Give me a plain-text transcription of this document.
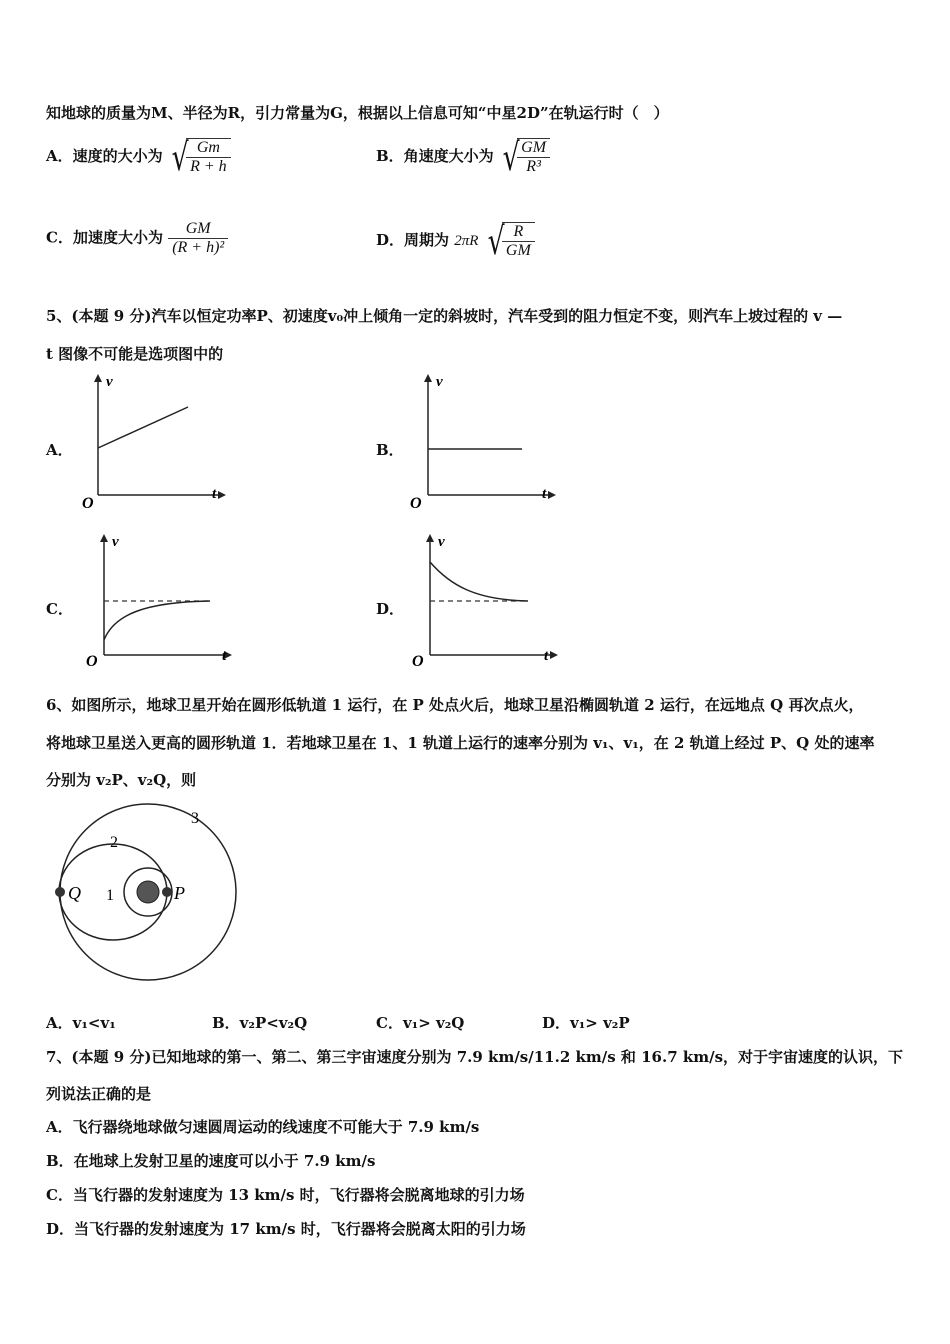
知地球的质量为M、半径为R，引力常量为G，根据以上信息可知“中星2D”在轨运行时（　）
A．速度的大小为 √
$\frac{Gm}{R + h}$	B．角速度大小为 √
$\frac{GM}{\text{R³}}$
C．加速度大小为 $\frac{GM}{\text{(R + h)²}}$	D．周期为 2πR √
$\frac{R}{GM}$
5、(本题 9 分)汽车以恒定功率P、初速度v₀冲上倾角一定的斜坡时，汽车受到的阻力恒定不变，则汽车上坡过程的 v —
t 图像不可能是选项图中的
A．
v
t
O
B．
v
t
O
C．
v
t
O
D．
v
t
O
6、如图所示，地球卫星开始在圆形低轨道 1 运行，在 P 处点火后，地球卫星沿椭圆轨道 2 运行，在远地点 Q 再次点火，
将地球卫星送入更高的圆形轨道 1．若地球卫星在 1、1 轨道上运行的速率分别为 v₁、v₁，在 2 轨道上经过 P、Q 处的速率
分别为 v₂P、v₂Q，则
3
2
1
Q	P
A．v₁<v₁	B．v₂P<v₂Q	C．v₁> v₂Q	D．v₁> v₂P
7、(本题 9 分)已知地球的第一、第二、第三宇宙速度分别为 7.9 km/s/11.2 km/s 和 16.7 km/s，对于宇宙速度的认识，下
列说法正确的是
A．飞行器绕地球做匀速圆周运动的线速度不可能大于 7.9 km/s
B．在地球上发射卫星的速度可以小于 7.9 km/s
C．当飞行器的发射速度为 13 km/s 时，飞行器将会脱离地球的引力场
D．当飞行器的发射速度为 17 km/s 时，飞行器将会脱离太阳的引力场
